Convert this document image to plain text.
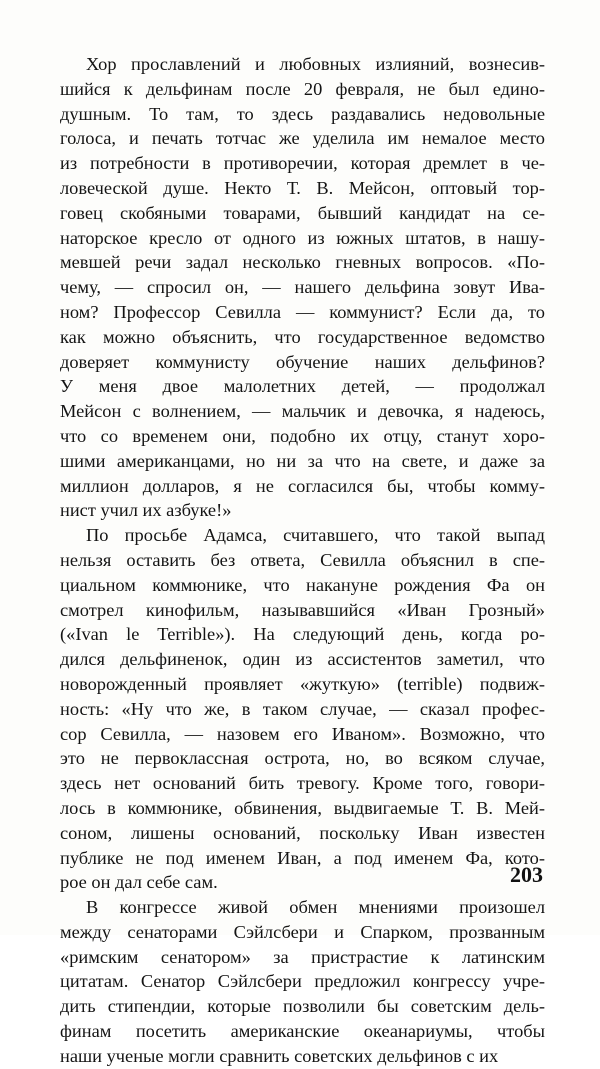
Хор прославлений и любовных излияний, вознесив-
шийся к дельфинам после 20 февраля, не был едино-
душным. То там, то здесь раздавались недовольные
голоса, и печать тотчас же уделила им немалое место
из потребности в противоречии, которая дремлет в че-
ловеческой душе. Некто Т. В. Мейсон, оптовый тор-
говец скобяными товарами, бывший кандидат на се-
наторское кресло от одного из южных штатов, в нашу-
мевшей речи задал несколько гневных вопросов. «По-
чему, — спросил он, — нашего дельфина зовут Ива-
ном? Профессор Севилла — коммунист? Если да, то
как можно объяснить, что государственное ведомство
доверяет коммунисту обучение наших дельфинов?
У меня двое малолетних детей, — продолжал
Мейсон с волнением, — мальчик и девочка, я надеюсь,
что со временем они, подобно их отцу, станут хоро-
шими американцами, но ни за что на свете, и даже за
миллион долларов, я не согласился бы, чтобы комму-
нист учил их азбуке!»

По просьбе Адамса, считавшего, что такой выпад
нельзя оставить без ответа, Севилла объяснил в спе-
циальном коммюнике, что накануне рождения Фа он
смотрел кинофильм, называвшийся «Иван Грозный»
(«Ivan le Terrible»). На следующий день, когда ро-
дился дельфиненок, один из ассистентов заметил, что
новорожденный проявляет «жуткую» (terrible) подвиж-
ность: «Ну что же, в таком случае, — сказал профес-
сор Севилла, — назовем его Иваном». Возможно, что
это не первоклассная острота, но, во всяком случае,
здесь нет оснований бить тревогу. Кроме того, говори-
лось в коммюнике, обвинения, выдвигаемые Т. В. Мей-
соном, лишены оснований, поскольку Иван известен
публике не под именем Иван, а под именем Фа, кото-
рое он дал себе сам.

В конгрессе живой обмен мнениями произошел
между сенаторами Сэйлсбери и Спарком, прозванным
«римским сенатором» за пристрастие к латинским
цитатам. Сенатор Сэйлсбери предложил конгрессу учре-
дить стипендии, которые позволили бы советским дель-
финам посетить американские океанариумы, чтобы
наши ученые могли сравнить советских дельфинов с их

203
